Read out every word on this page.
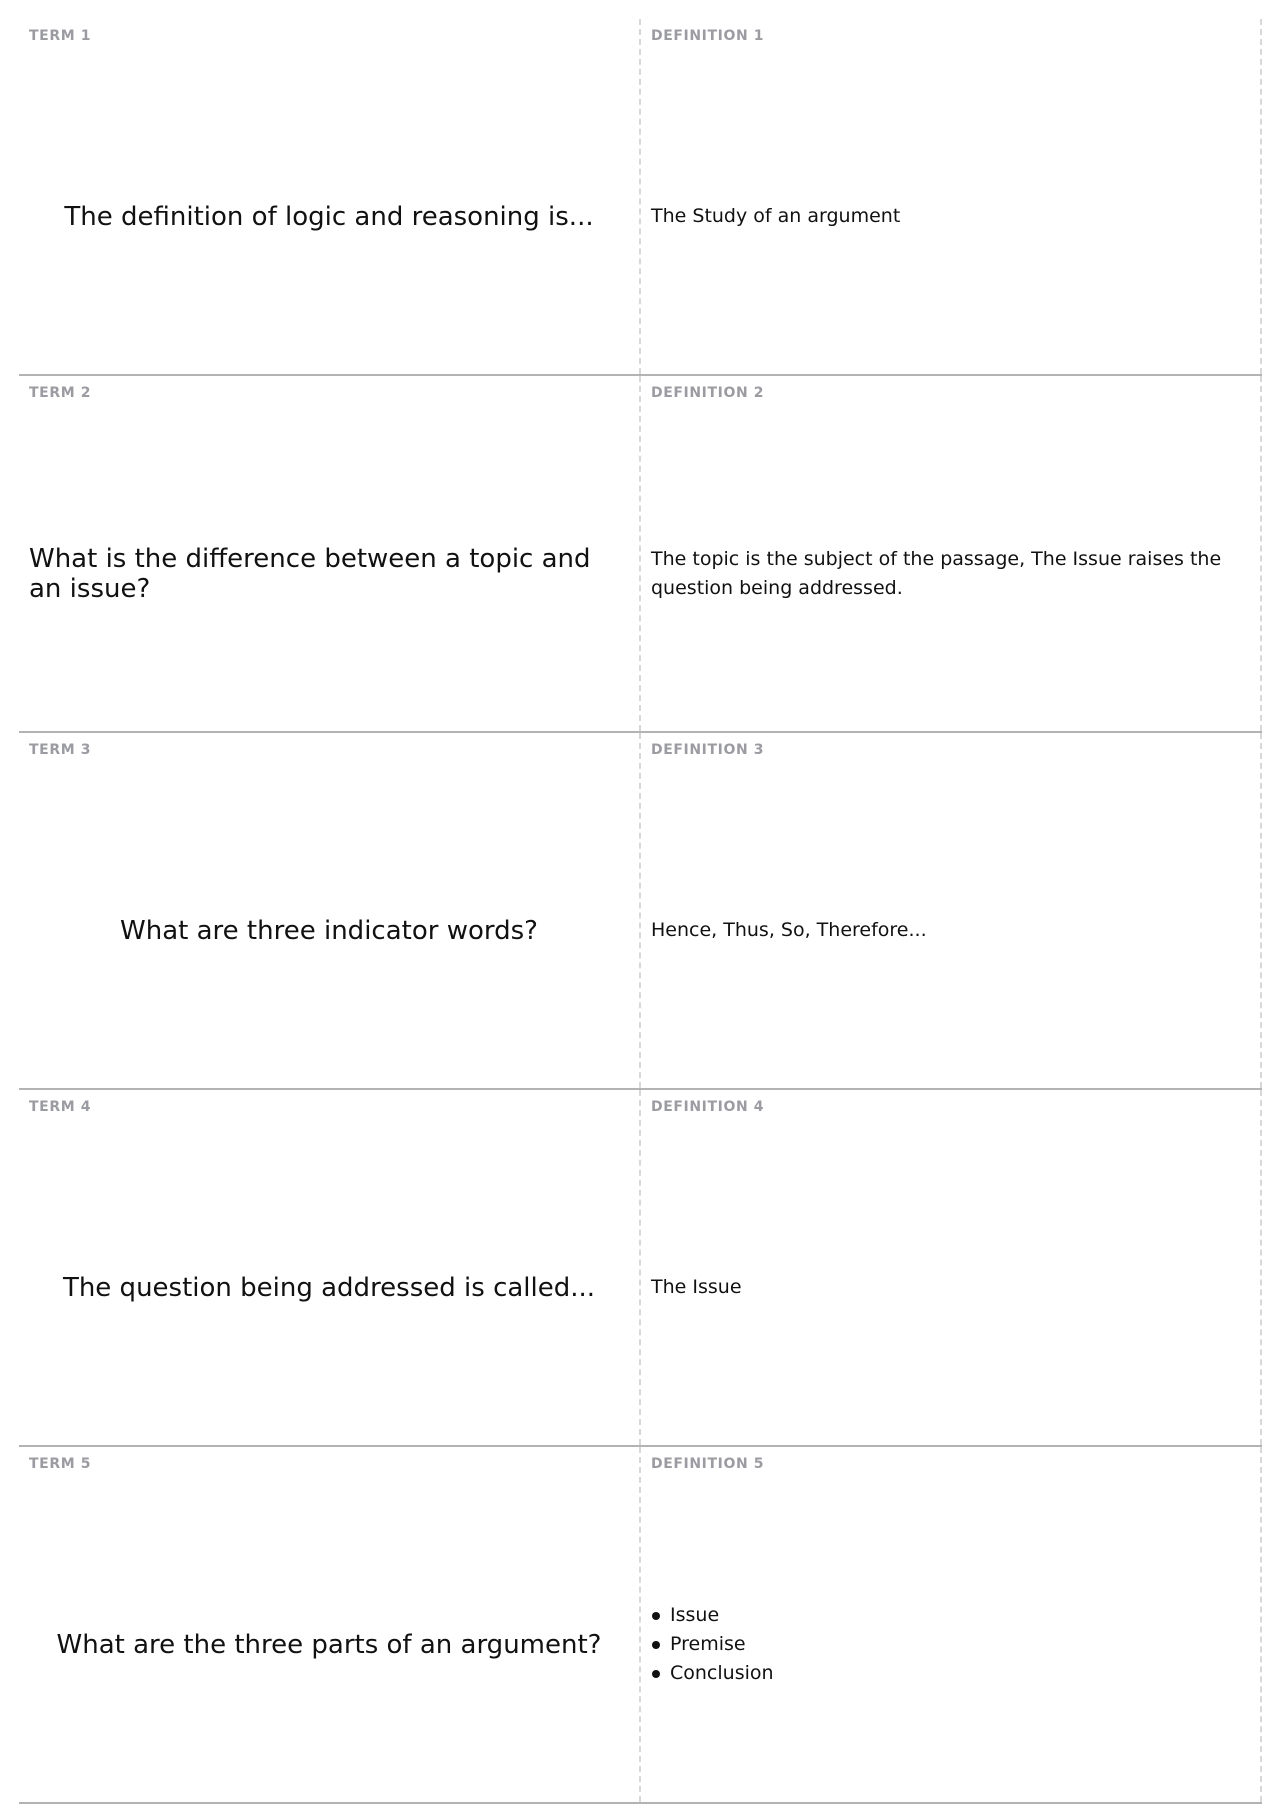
TERM 1
The definition of logic and reasoning is...
DEFINITION 1
The Study of an argument
TERM 2
What is the difference between a topic and an issue?
DEFINITION 2
The topic is the subject of the passage, The Issue raises the question being addressed.
TERM 3
What are three indicator words?
DEFINITION 3
Hence, Thus, So, Therefore...
TERM 4
The question being addressed is called...
DEFINITION 4
The Issue
TERM 5
What are the three parts of an argument?
DEFINITION 5
Issue
Premise
Conclusion
